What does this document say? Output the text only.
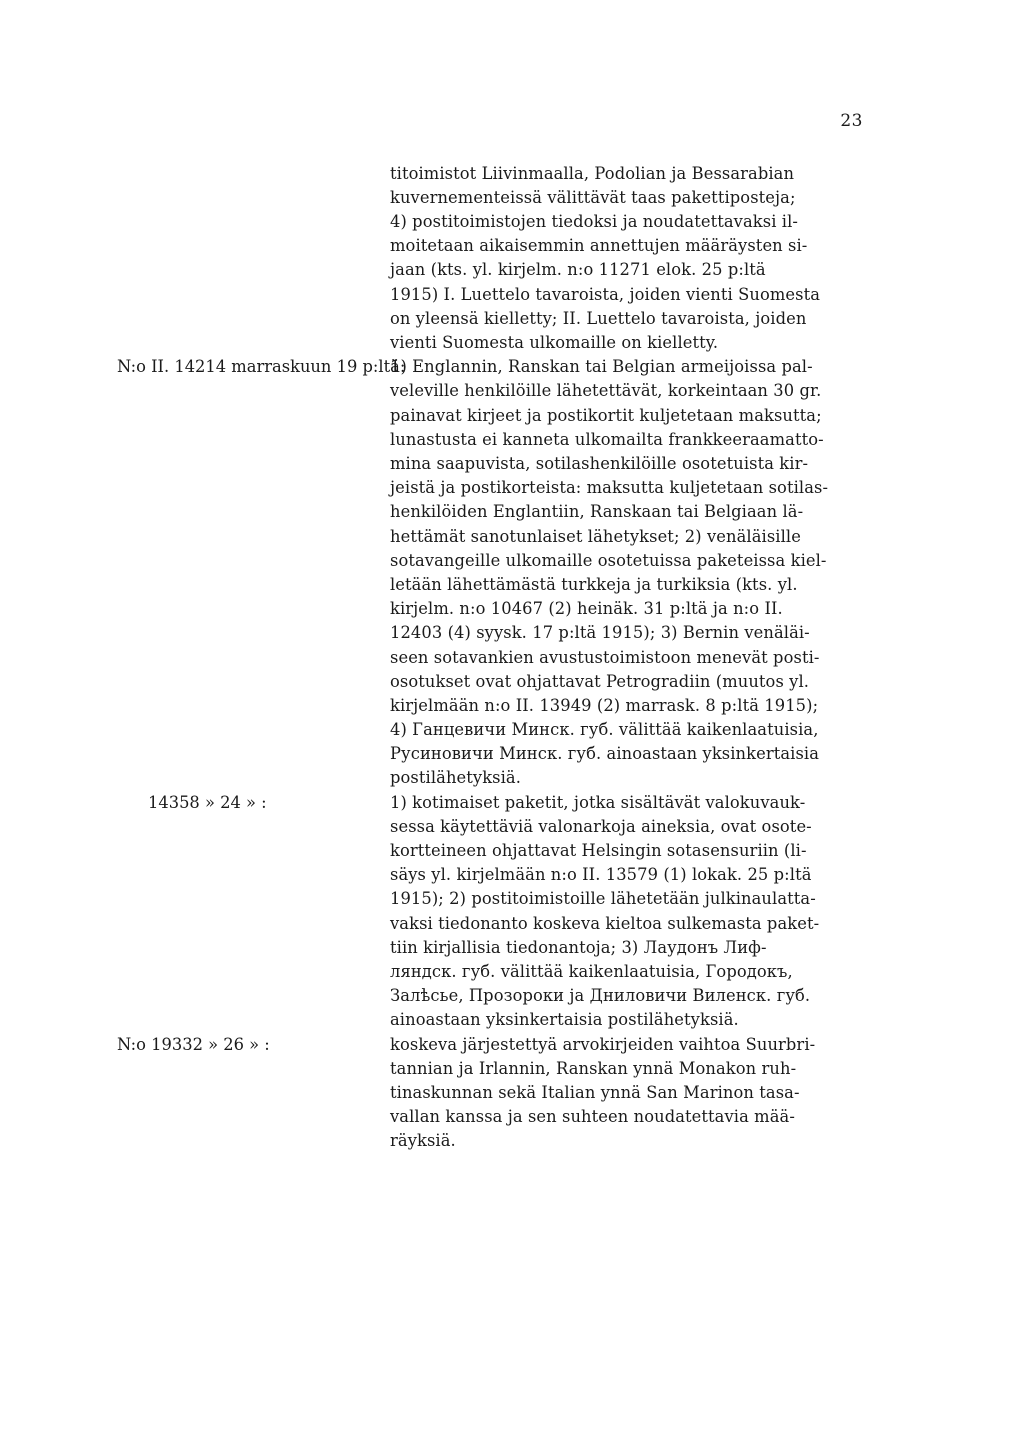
23
titoimistot Liivinmaalla, Podolian ja Bessarabian
kuvernementeissä välittävät taas pakettiposteja;
4) postitoimistojen tiedoksi ja noudatettavaksi il-
moitetaan aikaisemmin annettujen määräysten si-
jaan (kts. yl. kirjelm. n:o 11271 elok. 25 p:ltä
1915) I. Luettelo tavaroista, joiden vienti Suomesta
on yleensä kielletty; II. Luettelo tavaroista, joiden
vienti Suomesta ulkomaille on kielletty.
N:o II. 14214 marraskuun 19 p:ltä:
1) Englannin, Ranskan tai Belgian armeijoissa pal-
veleville henkilöille lähetettävät, korkeintaan 30 gr.
painavat kirjeet ja postikortit kuljetetaan maksutta;
lunastusta ei kanneta ulkomailta frankkeeraamatto-
mina saapuvista, sotilashenkilöille osotetuista kir-
jeistä ja postikorteista: maksutta kuljetetaan sotilas-
henkilöiden Englantiin, Ranskaan tai Belgiaan lä-
hettämät sanotunlaiset lähetykset; 2) venäläisille
sotavangeille ulkomaille osotetuissa paketeissa kiel-
letään lähettämästä turkkeja ja turkiksia (kts. yl.
kirjelm. n:o 10467 (2) heinäk. 31 p:ltä ja n:o II.
12403 (4) syysk. 17 p:ltä 1915); 3) Bernin venäläi-
seen sotavankien avustustoimistoon menevät posti-
osotukset ovat ohjattavat Petrogradiin (muutos yl.
kirjelmään n:o II. 13949 (2) marrask. 8 p:ltä 1915);
4) Ганцевичи Минск. губ. välittää kaikenlaatuisia,
Русиновичи Минск. губ. ainoastaan yksinkertaisia
postilähetyksiä.
14358 » 24 » :	1) kotimaiset paketit, jotka sisältävät valokuvauk-
sessa käytettäviä valonarkoja aineksia, ovat osote-
kortteineen ohjattavat Helsingin sotasensuriin (li-
säys yl. kirjelmään n:o II. 13579 (1) lokak. 25 p:ltä
1915); 2) postitoimistoille lähetetään julkinaulatta-
vaksi tiedonanto koskeva kieltoa sulkemasta paket-
tiin kirjallisia tiedonantoja; 3) Лаудонъ Лиф-
ляндск. губ. välittää kaikenlaatuisia, Городокъ,
Залѣсье, Прозороки ja Дниловичи Виленск. губ.
ainoastaan yksinkertaisia postilähetyksiä.
N:o 19332 » 26 » :	koskeva järjestettyä arvokirjeiden vaihtoa Suurbri-
tannian ja Irlannin, Ranskan ynnä Monakon ruh-
tinaskunnan sekä Italian ynnä San Marinon tasa-
vallan kanssa ja sen suhteen noudatettavia mää-
räyksiä.
